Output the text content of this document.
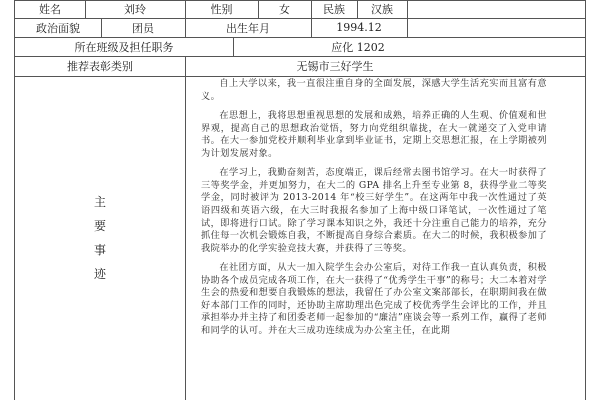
姓名	刘玲	性别	女	民族	汉族
政治面貌	团员	出生年月	1994.12
所在班级及担任职务	应化 1202
推荐表彰类别	无锡市三好学生
主
要
事
迹

自上大学以来，我一直很注重自身的全面发展，深感大学生活充实而且富有意义。

在思想上，我将思想重视思想的发展和成熟，培养正确的人生观、价值观和世界观，提高自己的思想政治觉悟，努力向党组织靠拢，在大一就递交了入党申请书。在大一参加党校并顺利毕业拿到毕业证书，定期上交思想汇报，在上学期被列为计划发展对象。

在学习上，我勤奋刻苦，态度端正，课后经常去图书馆学习。在大一时获得了三等奖学金，并更加努力，在大二的 GPA 排名上升至专业第 8，获得学业二等奖学金，同时被评为 2013-2014 年“校三好学生”。在这两年中我一次性通过了英语四级和英语六级，在大三时我报名参加了上海中级口译笔试，一次性通过了笔试，即将进行口试。除了学习课本知识之外，我还十分注重自己能力的培养，充分抓住每一次机会锻炼自我，不断提高自身综合素质。在大二的时候，我积极参加了我院举办的化学实验竞技大赛，并获得了三等奖。

在社团方面，从大一加入院学生会办公室后，对待工作我一直认真负责，积极协助各个成员完成各项工作，在大一获得了“优秀学生干事”的称号；大二本着对学生会的热爱和想要自我锻炼的想法，我留任了办公室文案部部长，在职期间我在做好本部门工作的同时，还协助主席助理出色完成了校优秀学生会评比的工作，并且承担举办并主持了和团委老师一起参加的“廉洁”座谈会等一系列工作，赢得了老师和同学的认可。并在大三成功连续成为办公室主任，在此期
